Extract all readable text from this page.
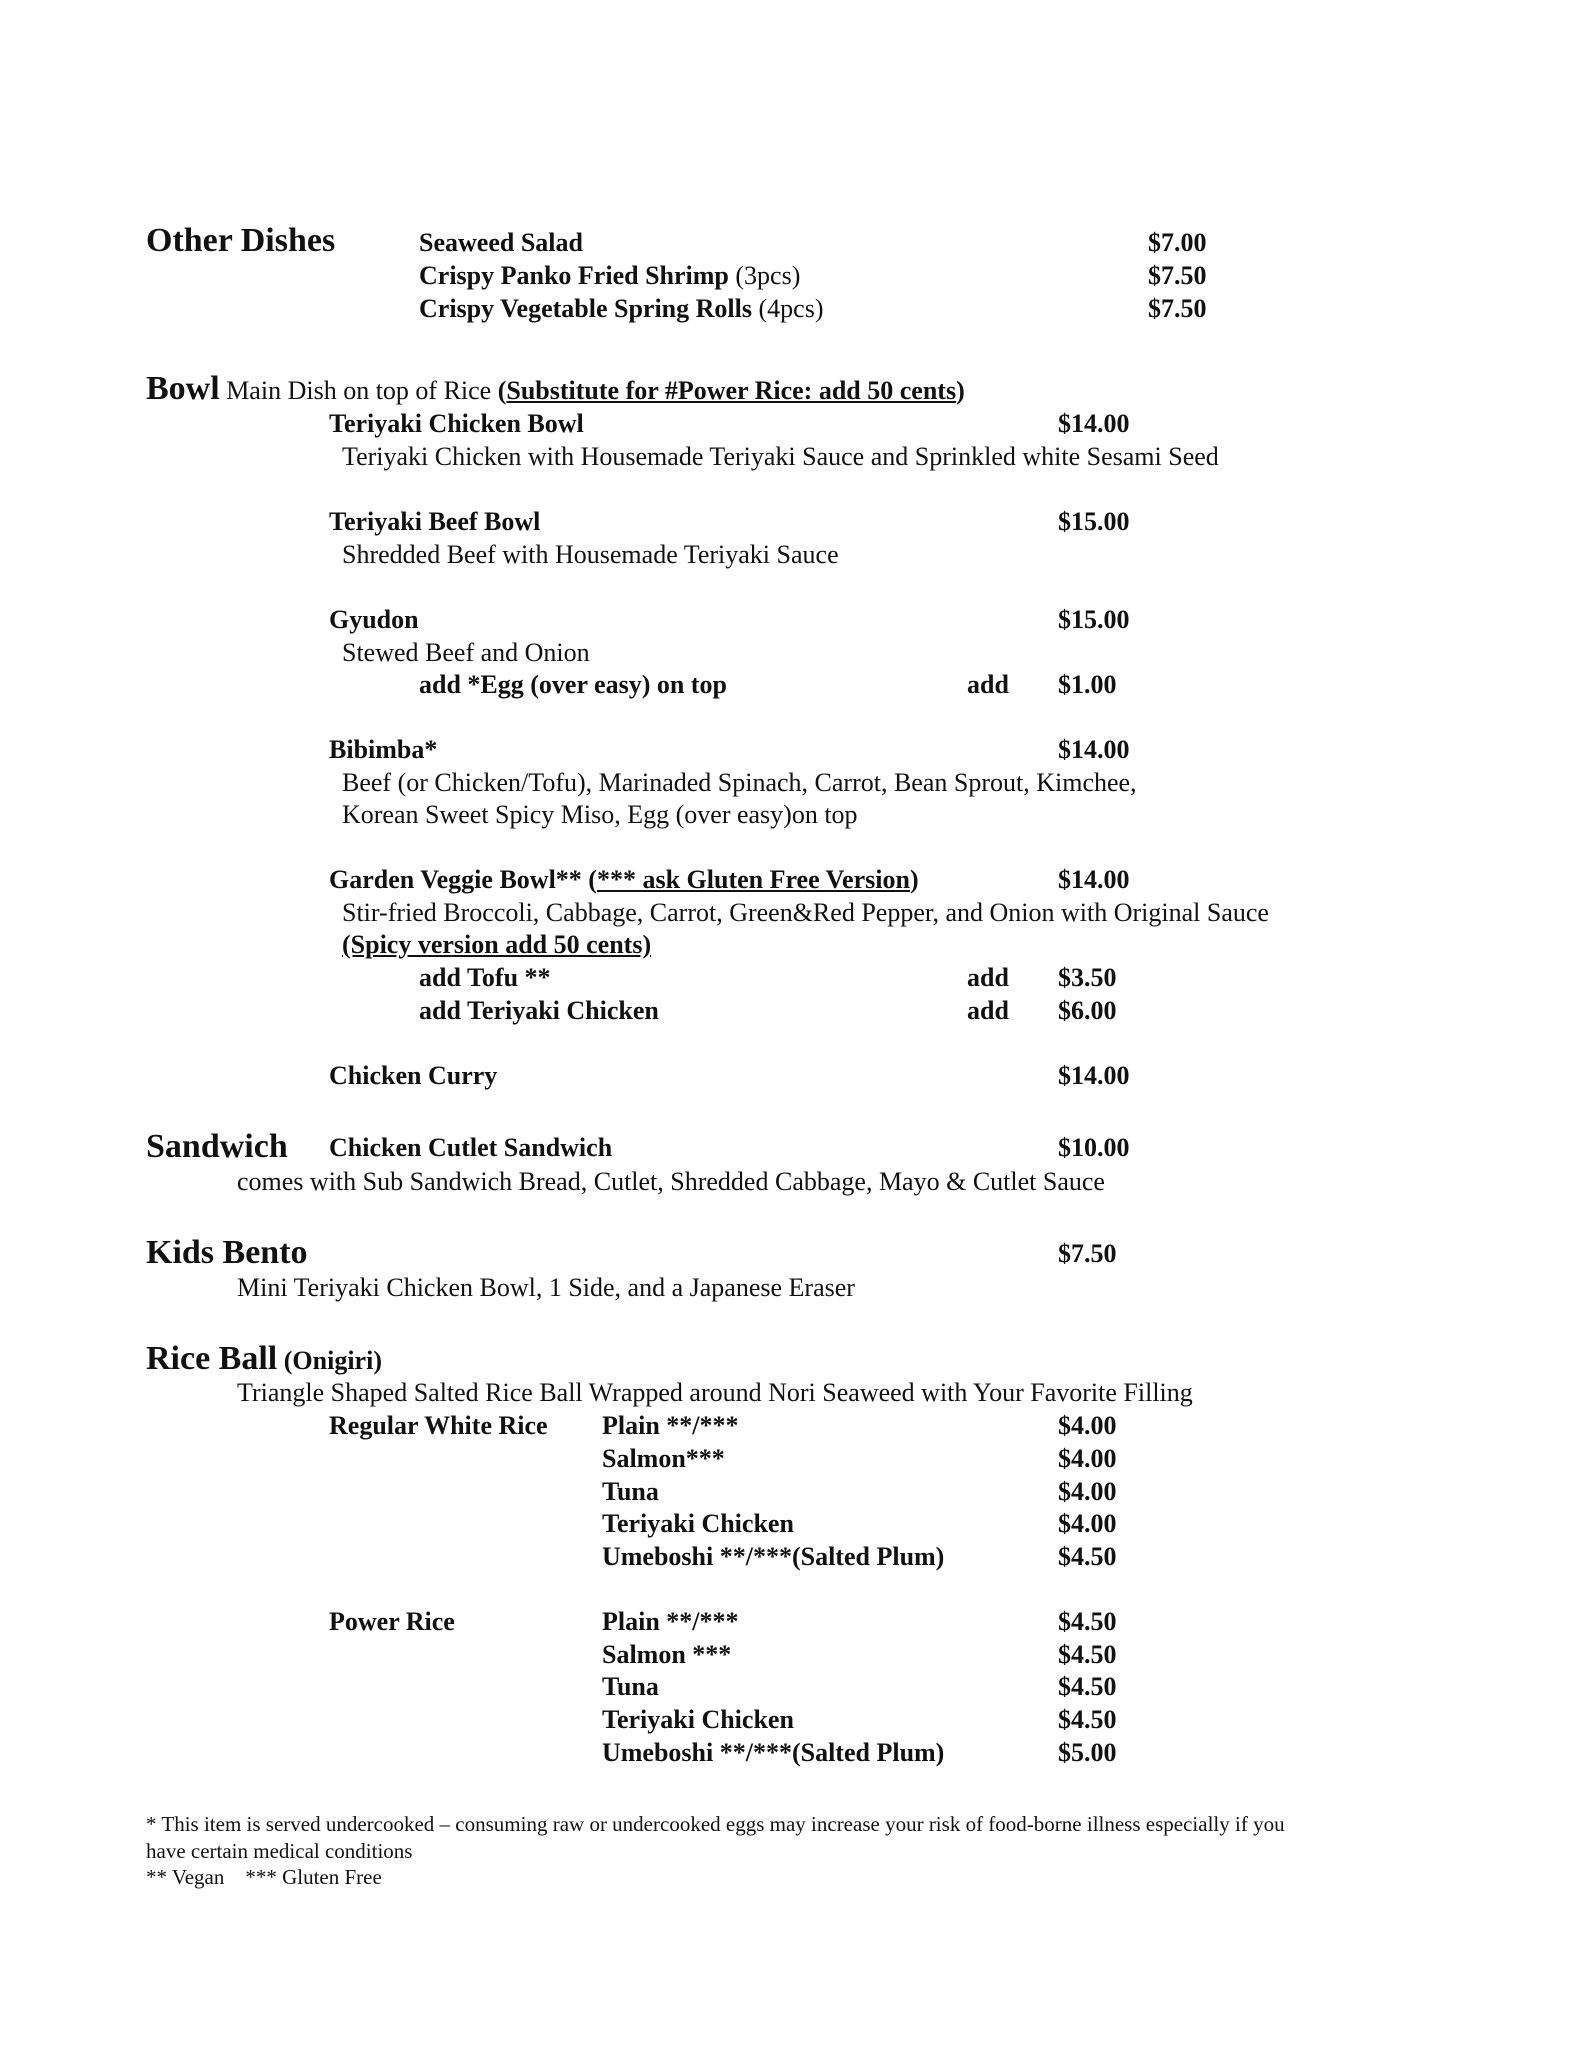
Other Dishes	Seaweed Salad	$7.00
Crispy Panko Fried Shrimp (3pcs)	$7.50
Crispy Vegetable Spring Rolls (4pcs)	$7.50
Bowl Main Dish on top of Rice (Substitute for #Power Rice: add 50 cents)
Teriyaki Chicken Bowl	$14.00
Teriyaki Chicken with Housemade Teriyaki Sauce and Sprinkled white Sesami Seed
Teriyaki Beef Bowl	$15.00
Shredded Beef with Housemade Teriyaki Sauce
Gyudon	$15.00
Stewed Beef and Onion
add *Egg (over easy) on top	add $1.00
Bibimba*	$14.00
Beef (or Chicken/Tofu), Marinaded Spinach, Carrot, Bean Sprout, Kimchee,
Korean Sweet Spicy Miso, Egg (over easy)on top
Garden Veggie Bowl** (*** ask Gluten Free Version)	$14.00
Stir-fried Broccoli, Cabbage, Carrot, Green&Red Pepper, and Onion with Original Sauce
(Spicy version add 50 cents)
add Tofu **	add $3.50
add Teriyaki Chicken	add $6.00
Chicken Curry	$14.00
Sandwich Chicken Cutlet Sandwich	$10.00
comes with Sub Sandwich Bread, Cutlet, Shredded Cabbage, Mayo & Cutlet Sauce
Kids Bento	$7.50
Mini Teriyaki Chicken Bowl, 1 Side, and a Japanese Eraser
Rice Ball (Onigiri)
Triangle Shaped Salted Rice Ball Wrapped around Nori Seaweed with Your Favorite Filling
Regular White Rice Plain **/***	$4.00
Salmon***	$4.00
Tuna	$4.00
Teriyaki Chicken	$4.00
Umeboshi **/***(Salted Plum)	$4.50
Power Rice	Plain **/***	$4.50
Salmon ***	$4.50
Tuna	$4.50
Teriyaki Chicken	$4.50
Umeboshi **/***(Salted Plum)	$5.00
* This item is served undercooked – consuming raw or undercooked eggs may increase your risk of food-borne illness especially if you
have certain medical conditions
** Vegan    *** Gluten Free
